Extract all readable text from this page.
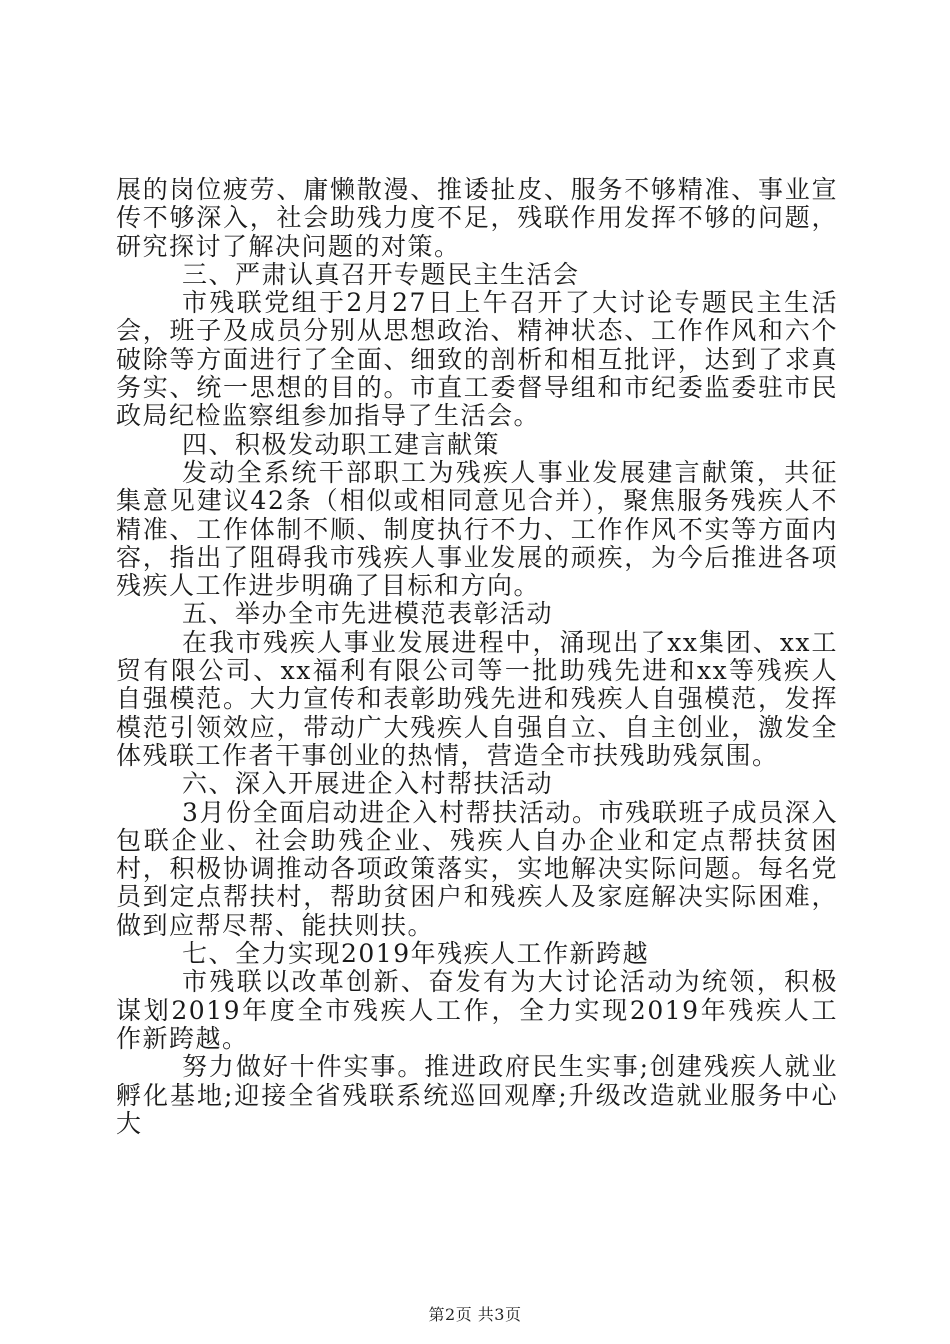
展的岗位疲劳、庸懒散漫、推诿扯皮、服务不够精准、事业宣传不够深入，社会助残力度不足，残联作用发挥不够的问题，研究探讨了解决问题的对策。

三、严肃认真召开专题民主生活会

市残联党组于2月27日上午召开了大讨论专题民主生活会，班子及成员分别从思想政治、精神状态、工作作风和六个破除等方面进行了全面、细致的剖析和相互批评，达到了求真务实、统一思想的目的。市直工委督导组和市纪委监委驻市民政局纪检监察组参加指导了生活会。

四、积极发动职工建言献策

发动全系统干部职工为残疾人事业发展建言献策，共征集意见建议42条（相似或相同意见合并），聚焦服务残疾人不精准、工作体制不顺、制度执行不力、工作作风不实等方面内容，指出了阻碍我市残疾人事业发展的顽疾，为今后推进各项残疾人工作进步明确了目标和方向。

五、举办全市先进模范表彰活动

在我市残疾人事业发展进程中，涌现出了xx集团、xx工贸有限公司、xx福利有限公司等一批助残先进和xx等残疾人自强模范。大力宣传和表彰助残先进和残疾人自强模范，发挥模范引领效应，带动广大残疾人自强自立、自主创业，激发全体残联工作者干事创业的热情，营造全市扶残助残氛围。

六、深入开展进企入村帮扶活动

3月份全面启动进企入村帮扶活动。市残联班子成员深入包联企业、社会助残企业、残疾人自办企业和定点帮扶贫困村，积极协调推动各项政策落实，实地解决实际问题。每名党员到定点帮扶村，帮助贫困户和残疾人及家庭解决实际困难，做到应帮尽帮、能扶则扶。

七、全力实现2019年残疾人工作新跨越

市残联以改革创新、奋发有为大讨论活动为统领，积极谋划2019年度全市残疾人工作，全力实现2019年残疾人工作新跨越。

努力做好十件实事。推进政府民生实事;创建残疾人就业孵化基地;迎接全省残联系统巡回观摩;升级改造就业服务中心大

第2页 共3页
